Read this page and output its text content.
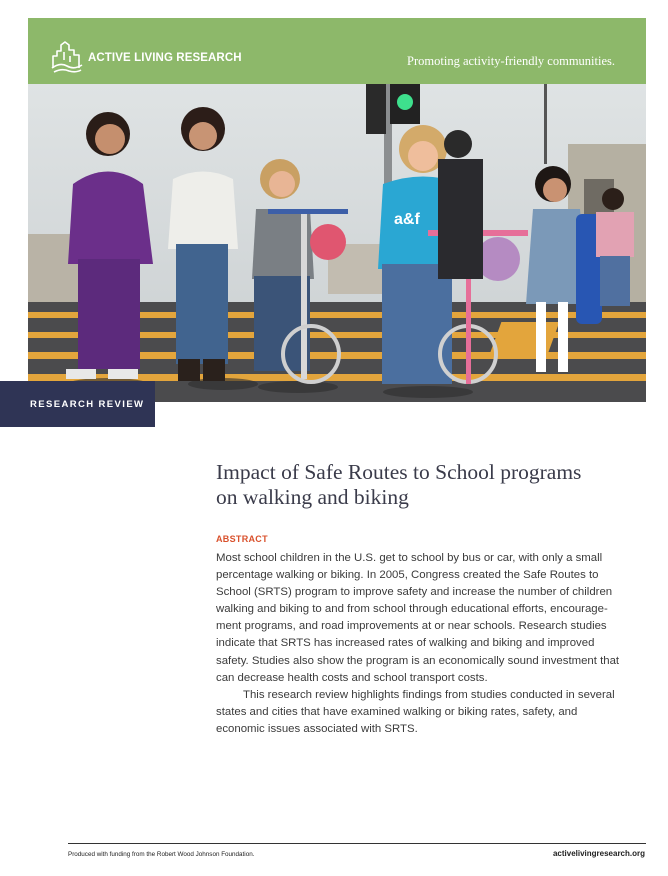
ACTIVE LIVING RESEARCH	Promoting activity-friendly communities.
a&f
RESEARCH REVIEW
Impact of Safe Routes to School programs
on walking and biking
ABSTRACT

Most school children in the U.S. get to school by bus or car, with only a small percentage walking or biking. In 2005, Congress created the Safe Routes to School (SRTS) program to improve safety and increase the number of children walking and biking to and from school through educational efforts, encourage-ment programs, and road improvements at or near schools. Research studies indicate that SRTS has increased rates of walking and biking and improved safety. Studies also show the program is an economically sound investment that can decrease health costs and school transport costs.

This research review highlights findings from studies conducted in several states and cities that have examined walking or biking rates, safety, and economic issues associated with SRTS.

Produced with funding from the Robert Wood Johnson Foundation.	activelivingresearch.org
